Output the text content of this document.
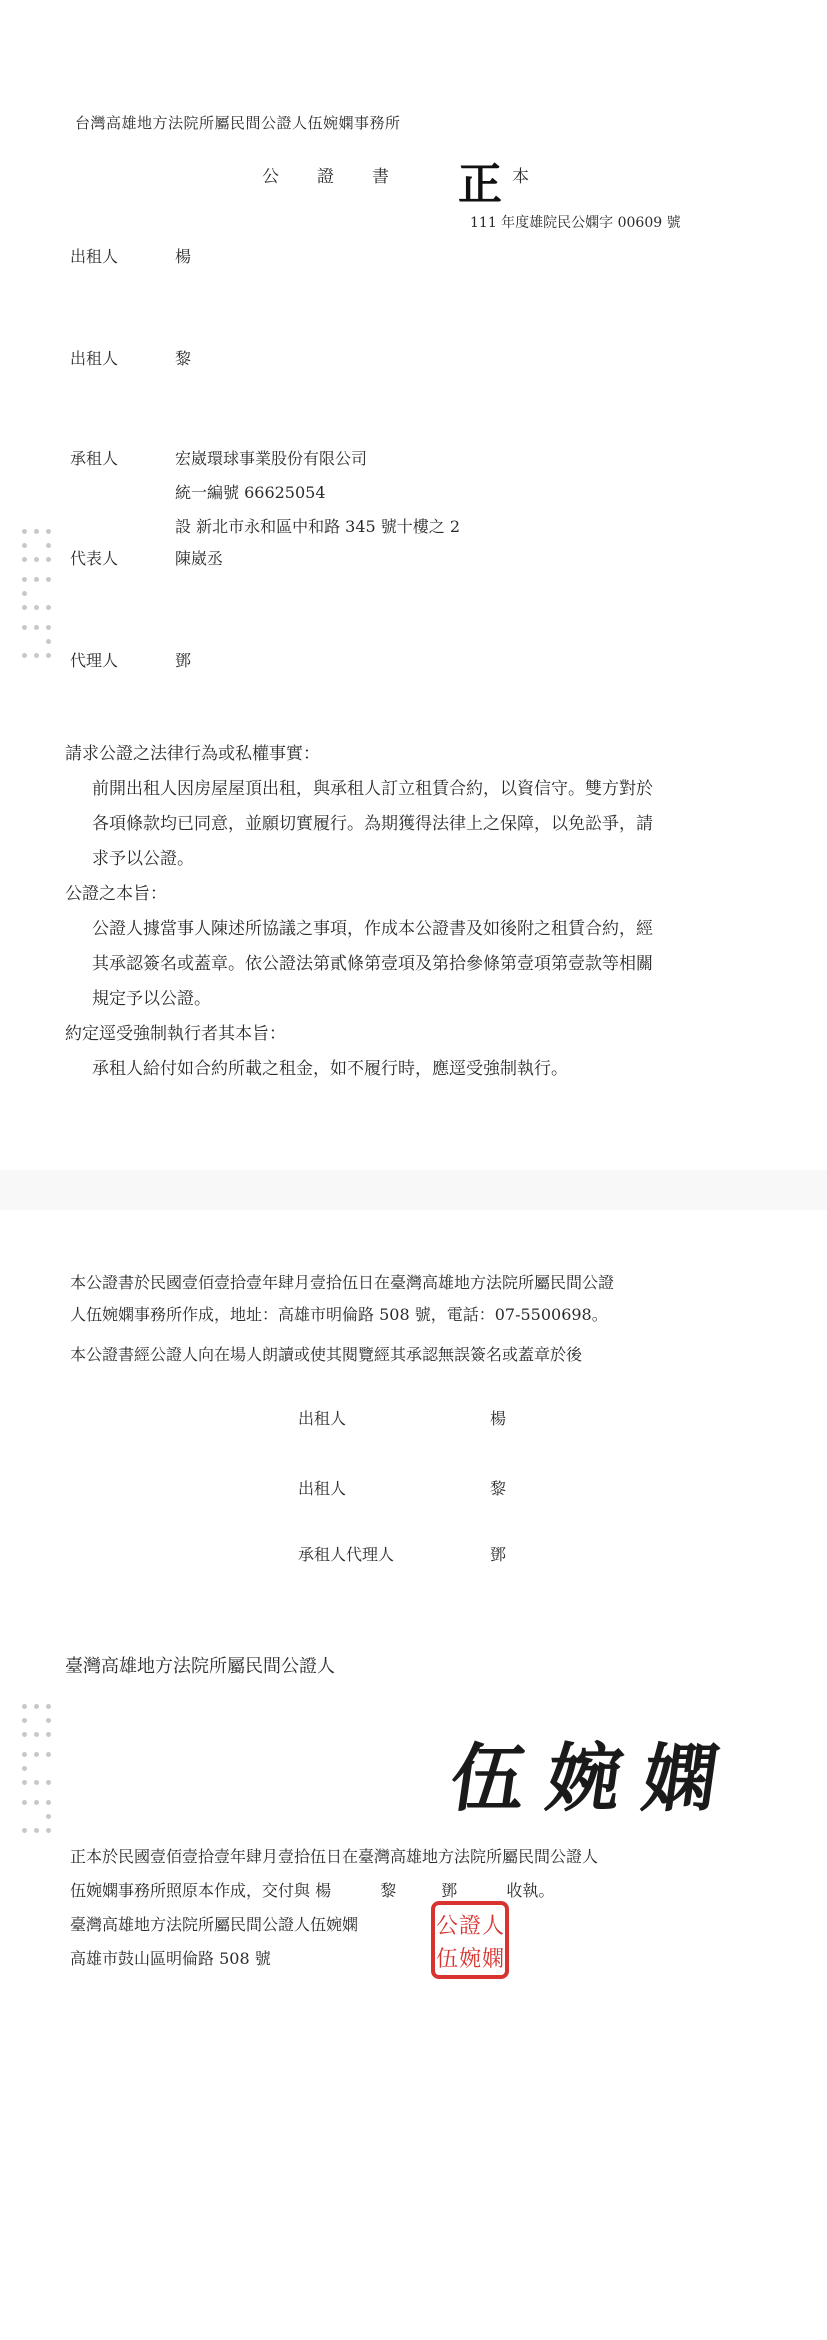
台灣高雄地方法院所屬民間公證人伍婉嫻事務所
公證書 正 本
111 年度雄院民公嫻字 00609 號
出租人	楊
出租人	黎
承租人	宏崴環球事業股份有限公司
統一編號 66625054
設 新北市永和區中和路 345 號十樓之 2
代表人	陳崴丞
代理人	鄧
請求公證之法律行為或私權事實：
前開出租人因房屋屋頂出租，與承租人訂立租賃合約，以資信守。雙方對於
各項條款均已同意，並願切實履行。為期獲得法律上之保障，以免訟爭，請
求予以公證。
公證之本旨：
公證人據當事人陳述所協議之事項，作成本公證書及如後附之租賃合約，經
其承認簽名或蓋章。依公證法第貳條第壹項及第拾參條第壹項第壹款等相關
規定予以公證。
約定逕受強制執行者其本旨：
承租人給付如合約所載之租金，如不履行時，應逕受強制執行。
本公證書於民國壹佰壹拾壹年肆月壹拾伍日在臺灣高雄地方法院所屬民間公證
人伍婉嫻事務所作成，地址：高雄市明倫路 508 號，電話：07-5500698。
本公證書經公證人向在場人朗讀或使其閱覽經其承認無誤簽名或蓋章於後
出租人	楊
出租人	黎
承租人代理人	鄧
臺灣高雄地方法院所屬民間公證人
伍婉嫻
正本於民國壹佰壹拾壹年肆月壹拾伍日在臺灣高雄地方法院所屬民間公證人
伍婉嫻事務所照原本作成，交付與 楊	黎	鄧	收執。
臺灣高雄地方法院所屬民間公證人伍婉嫻
高雄市鼓山區明倫路 508 號
公 證 人
伍 婉 嫻
